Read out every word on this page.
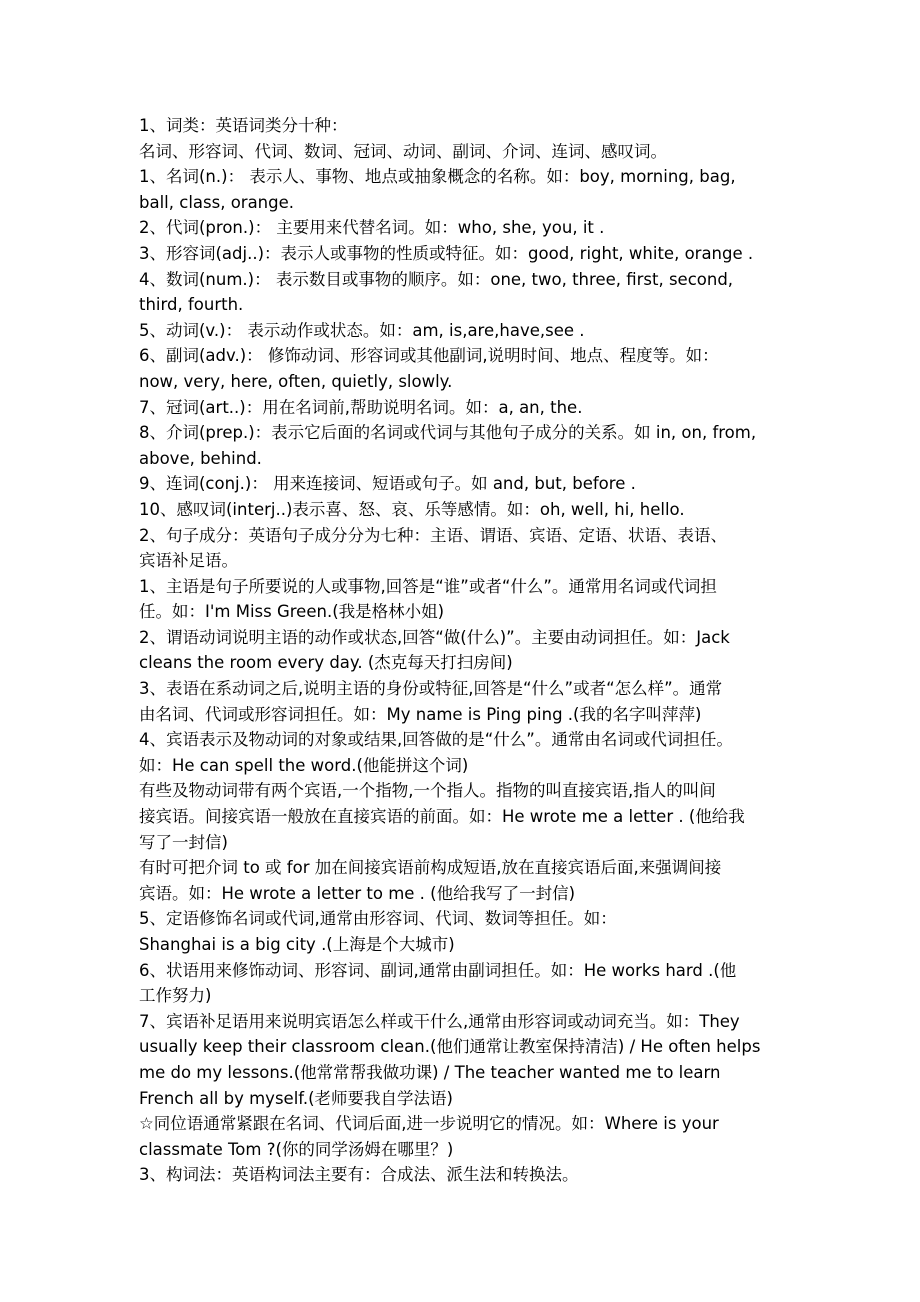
1、词类：英语词类分十种：
名词、形容词、代词、数词、冠词、动词、副词、介词、连词、感叹词。
1、名词(n.)： 表示人、事物、地点或抽象概念的名称。如：boy, morning, bag,
ball, class, orange.
2、代词(pron.)： 主要用来代替名词。如：who, she, you, it .
3、形容词(adj..)：表示人或事物的性质或特征。如：good, right, white, orange .
4、数词(num.)： 表示数目或事物的顺序。如：one, two, three, first, second,
third, fourth.
5、动词(v.)： 表示动作或状态。如：am, is,are,have,see .
6、副词(adv.)： 修饰动词、形容词或其他副词,说明时间、地点、程度等。如：
now, very, here, often, quietly, slowly.
7、冠词(art..)：用在名词前,帮助说明名词。如：a, an, the.
8、介词(prep.)：表示它后面的名词或代词与其他句子成分的关系。如 in, on, from,
above, behind.
9、连词(conj.)： 用来连接词、短语或句子。如 and, but, before .
10、感叹词(interj..)表示喜、怒、哀、乐等感情。如：oh, well, hi, hello.
2、句子成分：英语句子成分分为七种：主语、谓语、宾语、定语、状语、表语、
宾语补足语。
1、主语是句子所要说的人或事物,回答是“谁”或者“什么”。通常用名词或代词担
任。如：I'm Miss Green.(我是格林小姐)
2、谓语动词说明主语的动作或状态,回答“做(什么)”。主要由动词担任。如：Jack
cleans the room every day. (杰克每天打扫房间)
3、表语在系动词之后,说明主语的身份或特征,回答是“什么”或者“怎么样”。通常
由名词、代词或形容词担任。如：My name is Ping ping .(我的名字叫萍萍)
4、宾语表示及物动词的对象或结果,回答做的是“什么”。通常由名词或代词担任。
如：He can spell the word.(他能拼这个词)
有些及物动词带有两个宾语,一个指物,一个指人。指物的叫直接宾语,指人的叫间
接宾语。间接宾语一般放在直接宾语的前面。如：He wrote me a letter . (他给我
写了一封信)
有时可把介词 to 或 for 加在间接宾语前构成短语,放在直接宾语后面,来强调间接
宾语。如：He wrote a letter to me . (他给我写了一封信)
5、定语修饰名词或代词,通常由形容词、代词、数词等担任。如：
Shanghai is a big city .(上海是个大城市)
6、状语用来修饰动词、形容词、副词,通常由副词担任。如：He works hard .(他
工作努力)
7、宾语补足语用来说明宾语怎么样或干什么,通常由形容词或动词充当。如：They
usually keep their classroom clean.(他们通常让教室保持清洁) / He often helps
me do my lessons.(他常常帮我做功课) / The teacher wanted me to learn
French all by myself.(老师要我自学法语)
☆同位语通常紧跟在名词、代词后面,进一步说明它的情况。如：Where is your
classmate Tom ?(你的同学汤姆在哪里？)
3、构词法：英语构词法主要有：合成法、派生法和转换法。
